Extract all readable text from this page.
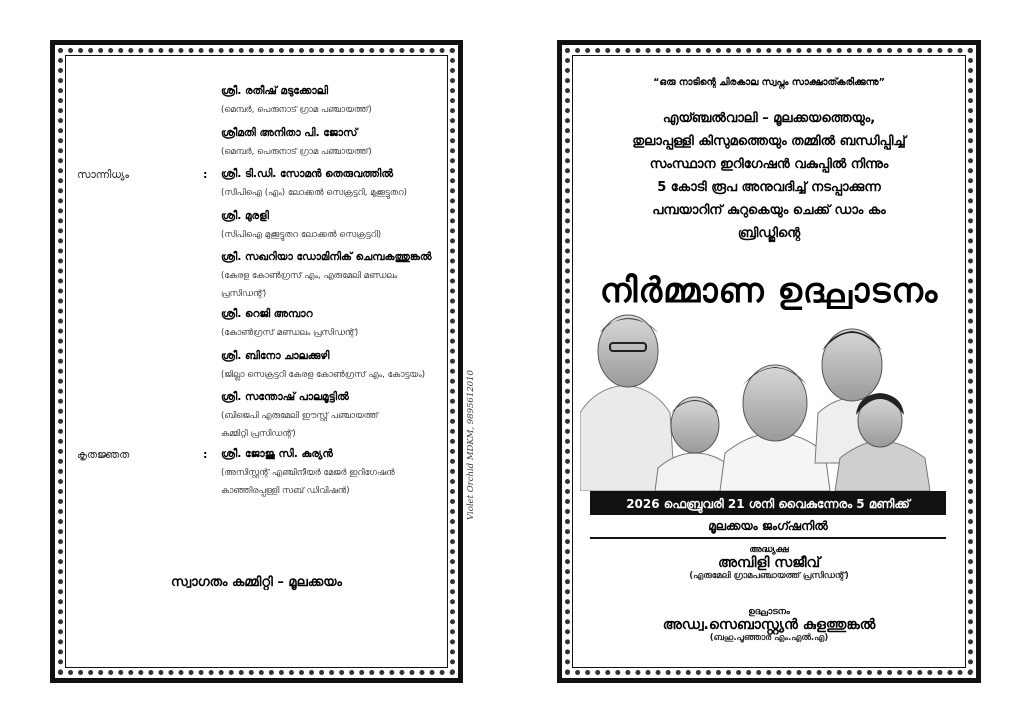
ശ്രീ. രതീഷ് മടുക്കോലി
(മെമ്പർ, പെരുനാട് ഗ്രാമ പഞ്ചായത്ത്)
ശ്രീമതി അനിതാ പി. ജോസ്
(മെമ്പർ, പെരുനാട് ഗ്രാമ പഞ്ചായത്ത്)
സാന്നിധ്യം	: ശ്രീ. ടി.ഡി. സോമൻ തെരുവത്തിൽ
(സിപിഐ (എം) ലോക്കൽ സെക്രട്ടറി, മുക്കൂട്ടുതറ)
ശ്രീ. മുരളി
(സിപിഐ മുക്കൂട്ടുതറ ലോക്കൽ സെക്രട്ടറി)
ശ്രീ. സഖറിയാ ഡോമിനിക് ചെമ്പകത്തുങ്കൽ
(കേരള കോൺഗ്രസ് എം, എരുമേലി മണ്ഡലം
പ്രസിഡന്റ്)
ശ്രീ. റെജി അമ്പാറ
(കോൺഗ്രസ് മണ്ഡലം പ്രസിഡന്റ്)
ശ്രീ. ബിനോ ചാലക്കുഴി
(ജില്ലാ സെക്രട്ടറി കേരള കോൺഗ്രസ് എം, കോട്ടയം)
ശ്രീ. സന്തോഷ് പാലമൂട്ടിൽ
(ബിജെപി എരുമേലി ഈസ്റ്റ് പഞ്ചായത്ത്
കമ്മിറ്റി പ്രസിഡന്റ്)
കൃതജ്ഞത	: ശ്രീ. ജോജു സി. കുര്യൻ
(അസിസ്റ്റന്റ് എഞ്ചിനീയർ മേജർ ഇറിഗേഷൻ
കാഞ്ഞിരപ്പള്ളി സബ് ഡിവിഷൻ)
സ്വാഗതം കമ്മിറ്റി – മൂലക്കയം
Violet Orchid MDKM, 9895612010
“ഒരു നാടിന്റെ ചിരകാല സ്വപ്നം സാക്ഷാത്കരിക്കുന്നു”
എയ്ഞ്ചൽവാലി – മൂലക്കയത്തെയും,
തുലാപ്പള്ളി കിസുമത്തെയും തമ്മിൽ ബന്ധിപ്പിച്ച്
സംസ്ഥാന ഇറിഗേഷൻ വകുപ്പിൽ നിന്നും
5 കോടി രൂപ അനുവദിച്ച് നടപ്പാക്കുന്ന
പമ്പയാറിന് കുറുകെയും ചെക്ക് ഡാം കം
ബ്രിഡ്ജിന്റെ
നിർമ്മാണ ഉദ്ഘാടനം
2026 ഫെബ്രുവരി 21 ശനി വൈകുന്നേരം 5 മണിക്ക്
മൂലക്കയം ജംഗ്ഷനിൽ
അദ്ധ്യക്ഷ
അമ്പിളി സജീവ്
(എരുമേലി ഗ്രാമപഞ്ചായത്ത് പ്രസിഡന്റ്)
ഉദ്ഘാടനം
അഡ്വ.സെബാസ്റ്റ്യൻ കുളത്തുങ്കൽ
(ബഹു.പൂഞ്ഞാർ എം.എൽ.എ)
